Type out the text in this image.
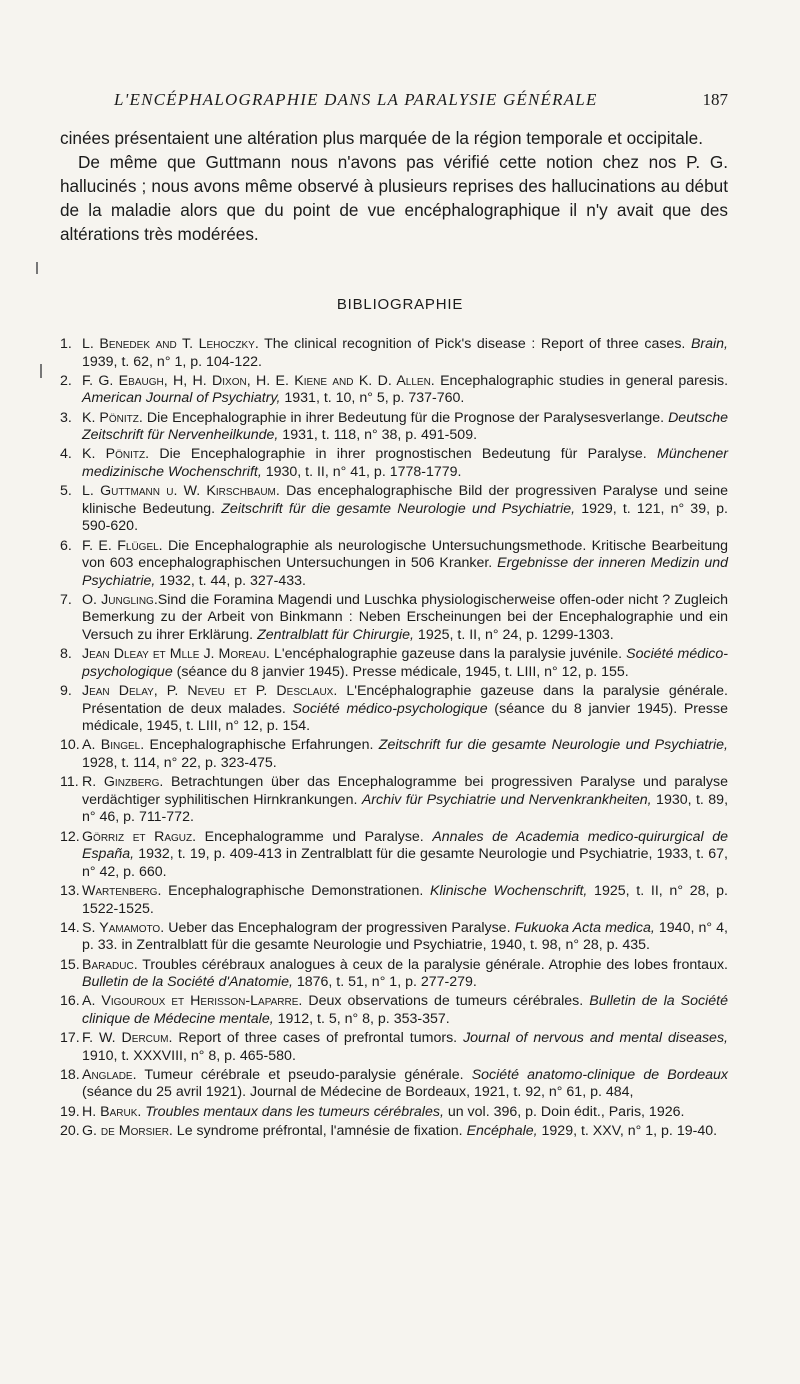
L'ENCÉPHALOGRAPHIE DANS LA PARALYSIE GÉNÉRALE	187

cinées présentaient une altération plus marquée de la région temporale et occipitale.

De même que Guttmann nous n'avons pas vérifié cette notion chez nos P. G. hallucinés ; nous avons même observé à plusieurs reprises des hallucinations au début de la maladie alors que du point de vue encéphalographique il n'y avait que des altérations très modérées.

BIBLIOGRAPHIE
1. L. Benedek and T. Lehoczky. The clinical recognition of Pick's disease : Report of three cases. Brain, 1939, t. 62, n° 1, p. 104-122.
2. F. G. Ebaugh, H, H. Dixon, H. E. Kiene and K. D. Allen. Encephalographic studies in general paresis. American Journal of Psychiatry, 1931, t. 10, n° 5, p. 737-760.
3. K. Pönitz. Die Encephalographie in ihrer Bedeutung für die Prognose der Paralysesverlange. Deutsche Zeitschrift für Nervenheilkunde, 1931, t. 118, n° 38, p. 491-509.
4. K. Pönitz. Die Encephalographie in ihrer prognostischen Bedeutung für Paralyse. Münchener medizinische Wochenschrift, 1930, t. II, n° 41, p. 1778-1779.
5. L. Guttmann u. W. Kirschbaum. Das encephalographische Bild der progressiven Paralyse und seine klinische Bedeutung. Zeitschrift für die gesamte Neurologie und Psychiatrie, 1929, t. 121, n° 39, p. 590-620.
6. F. E. Flügel. Die Encephalographie als neurologische Untersuchungsmethode. Kritische Bearbeitung von 603 encephalographischen Untersuchungen in 506 Kranker. Ergebnisse der inneren Medizin und Psychiatrie, 1932, t. 44, p. 327-433.
7. O. Jungling.Sind die Foramina Magendi und Luschka physiologischerweise offen-oder nicht ? Zugleich Bemerkung zu der Arbeit von Binkmann : Neben Erscheinungen bei der Encephalographie und ein Versuch zu ihrer Erklärung. Zentralblatt für Chirurgie, 1925, t. II, n° 24, p. 1299-1303.
8. Jean Dleay et Mlle J. Moreau. L'encéphalographie gazeuse dans la paralysie juvénile. Société médico-psychologique (séance du 8 janvier 1945). Presse médicale, 1945, t. LIII, n° 12, p. 155.
9. Jean Delay, P. Neveu et P. Desclaux. L'Encéphalographie gazeuse dans la paralysie générale. Présentation de deux malades. Société médico-psychologique (séance du 8 janvier 1945). Presse médicale, 1945, t. LIII, n° 12, p. 154.
10. A. Bingel. Encephalographische Erfahrungen. Zeitschrift fur die gesamte Neurologie und Psychiatrie, 1928, t. 114, n° 22, p. 323-475.
11. R. Ginzberg. Betrachtungen über das Encephalogramme bei progressiven Paralyse und paralyse verdächtiger syphilitischen Hirnkrankungen. Archiv für Psychiatrie und Nervenkrankheiten, 1930, t. 89, n° 46, p. 711-772.
12. Görriz et Raguz. Encephalogramme und Paralyse. Annales de Academia medico-quirurgical de España, 1932, t. 19, p. 409-413 in Zentralblatt für die gesamte Neurologie und Psychiatrie, 1933, t. 67, n° 42, p. 660.
13. Wartenberg. Encephalographische Demonstrationen. Klinische Wochenschrift, 1925, t. II, n° 28, p. 1522-1525.
14. S. Yamamoto. Ueber das Encephalogram der progressiven Paralyse. Fukuoka Acta medica, 1940, n° 4, p. 33. in Zentralblatt für die gesamte Neurologie und Psychiatrie, 1940, t. 98, n° 28, p. 435.
15. Baraduc. Troubles cérébraux analogues à ceux de la paralysie générale. Atrophie des lobes frontaux. Bulletin de la Société d'Anatomie, 1876, t. 51, n° 1, p. 277-279.
16. A. Vigouroux et Herisson-Laparre. Deux observations de tumeurs cérébrales. Bulletin de la Société clinique de Médecine mentale, 1912, t. 5, n° 8, p. 353-357.
17. F. W. Dercum. Report of three cases of prefrontal tumors. Journal of nervous and mental diseases, 1910, t. XXXVIII, n° 8, p. 465-580.
18. Anglade. Tumeur cérébrale et pseudo-paralysie générale. Société anatomo-clinique de Bordeaux (séance du 25 avril 1921). Journal de Médecine de Bordeaux, 1921, t. 92, n° 61, p. 484,
19. H. Baruk. Troubles mentaux dans les tumeurs cérébrales, un vol. 396, p. Doin édit., Paris, 1926.
20. G. de Morsier. Le syndrome préfrontal, l'amnésie de fixation. Encéphale, 1929, t. XXV, n° 1, p. 19-40.
